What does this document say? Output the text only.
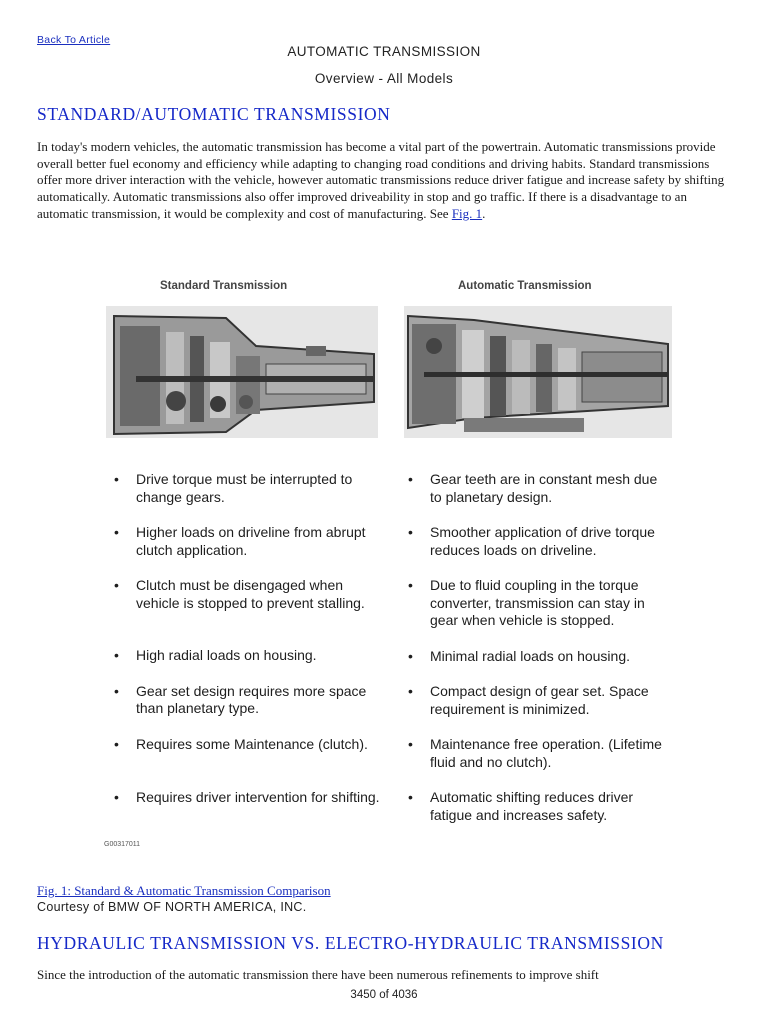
Back To Article
AUTOMATIC TRANSMISSION
Overview - All Models
STANDARD/AUTOMATIC TRANSMISSION
In today's modern vehicles, the automatic transmission has become a vital part of the powertrain. Automatic transmissions provide overall better fuel economy and efficiency while adapting to changing road conditions and driving habits. Standard transmissions offer more driver interaction with the vehicle, however automatic transmissions reduce driver fatigue and increase safety by shifting automatically. Automatic transmissions also offer improved driveability in stop and go traffic. If there is a disadvantage to an automatic transmission, it would be complexity and cost of manufacturing. See Fig. 1.
Standard Transmission	Automatic Transmission
• Drive torque must be interrupted to change gears.
• Higher loads on driveline from abrupt clutch application.
• Clutch must be disengaged when vehicle is stopped to prevent stalling.
• High radial loads on housing.
• Gear set design requires more space than planetary type.
• Requires some Maintenance (clutch).
• Requires driver intervention for shifting.
• Gear teeth are in constant mesh due to planetary design.
• Smoother application of drive torque reduces loads on driveline.
• Due to fluid coupling in the torque converter, transmission can stay in gear when vehicle is stopped.
• Minimal radial loads on housing.
• Compact design of gear set. Space requirement is minimized.
• Maintenance free operation. (Lifetime fluid and no clutch).
• Automatic shifting reduces driver fatigue and increases safety.
G00317011
Fig. 1: Standard & Automatic Transmission Comparison
Courtesy of BMW OF NORTH AMERICA, INC.
HYDRAULIC TRANSMISSION VS. ELECTRO-HYDRAULIC TRANSMISSION
Since the introduction of the automatic transmission there have been numerous refinements to improve shift
3450 of 4036
